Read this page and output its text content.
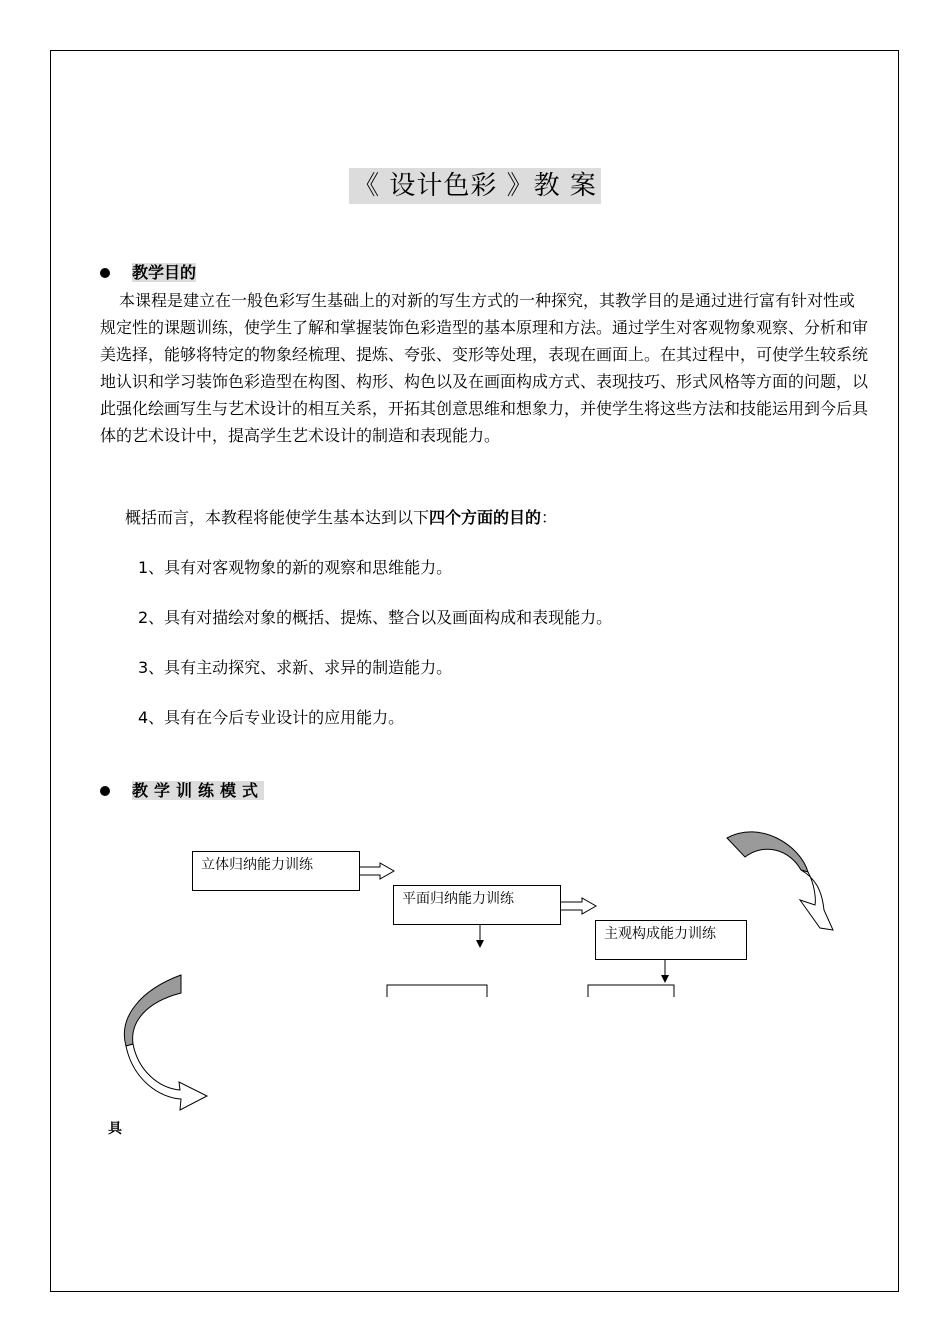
《 设计色彩 》教 案
教学目的

本课程是建立在一般色彩写生基础上的对新的写生方式的一种探究，其教学目的是通过进行富有针对性或规定性的课题训练，使学生了解和掌握装饰色彩造型的基本原理和方法。通过学生对客观物象观察、分析和审美选择，能够将特定的物象经梳理、提炼、夸张、变形等处理，表现在画面上。在其过程中，可使学生较系统地认识和学习装饰色彩造型在构图、构形、构色以及在画面构成方式、表现技巧、形式风格等方面的问题，以此强化绘画写生与艺术设计的相互关系，开拓其创意思维和想象力，并使学生将这些方法和技能运用到今后具体的艺术设计中，提高学生艺术设计的制造和表现能力。

概括而言，本教程将能使学生基本达到以下四个方面的目的：
1、具有对客观物象的新的观察和思维能力。
2、具有对描绘对象的概括、提炼、整合以及画面构成和表现能力。
3、具有主动探究、求新、求异的制造能力。
4、具有在今后专业设计的应用能力。
教学训练模式
立体归纳能力训练
平面归纳能力训练
主观构成能力训练
具
